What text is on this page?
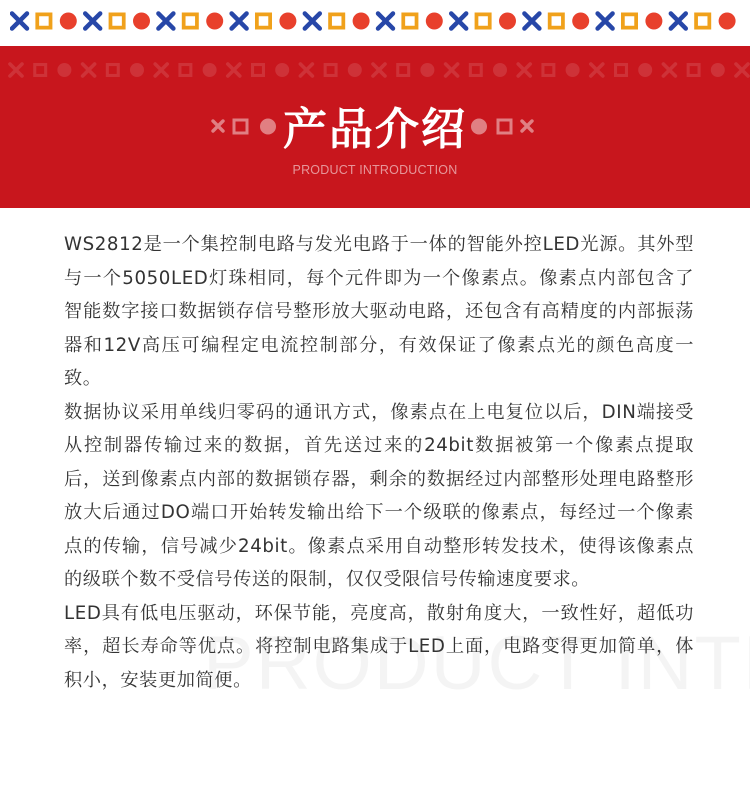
产品介绍
PRODUCT INTRODUCTION

WS2812是一个集控制电路与发光电路于一体的智能外控LED光源。其外型与一个5050LED灯珠相同，每个元件即为一个像素点。像素点内部包含了智能数字接口数据锁存信号整形放大驱动电路，还包含有高精度的内部振荡器和12V高压可编程定电流控制部分，有效保证了像素点光的颜色高度一致。

数据协议采用单线归零码的通讯方式，像素点在上电复位以后，DIN端接受从控制器传输过来的数据，首先送过来的24bit数据被第一个像素点提取后，送到像素点内部的数据锁存器，剩余的数据经过内部整形处理电路整形放大后通过DO端口开始转发输出给下一个级联的像素点，每经过一个像素点的传输，信号减少24bit。像素点采用自动整形转发技术，使得该像素点的级联个数不受信号传送的限制，仅仅受限信号传输速度要求。

LED具有低电压驱动，环保节能，亮度高，散射角度大，一致性好，超低功率，超长寿命等优点。将控制电路集成于LED上面，电路变得更加简单，体积小，安装更加简便。
